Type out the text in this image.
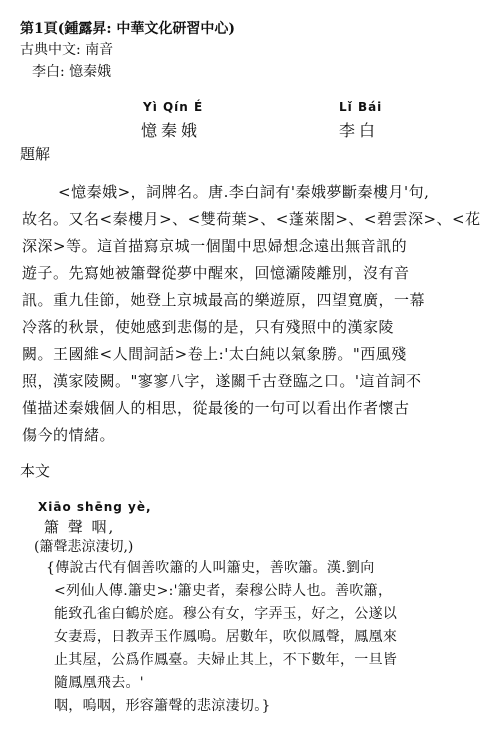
第1頁(鍾露昇: 中華文化研習中心)
古典中文: 南音
李白: 憶秦娥
Yì Qín É
憶秦娥
Lǐ Bái
李白
題解
<憶秦娥>，詞牌名。唐.李白詞有'秦娥夢斷秦樓月'句,
故名。又名<秦樓月>、<雙荷葉>、<蓬萊閣>、<碧雲深>、<花
深深>等。這首描寫京城一個閨中思婦想念遠出無音訊的
遊子。先寫她被簫聲從夢中醒來，回憶灞陵離別，沒有音
訊。重九佳節，她登上京城最高的樂遊原，四望寬廣，一幕
冷落的秋景，使她感到悲傷的是，只有殘照中的漢家陵
闕。王國維<人間詞話>卷上:'太白純以氣象勝。"西風殘
照，漢家陵闕。"寥寥八字，遂關千古登臨之口。'這首詞不
僅描述秦娥個人的相思，從最後的一句可以看出作者懷古
傷今的情緒。
本文
Xiāo shēng yè,
簫 聲 咽,
(簫聲悲涼淒切,)
{傳說古代有個善吹簫的人叫簫史，善吹簫。漢.劉向
<列仙人傳.簫史>:'簫史者，秦穆公時人也。善吹簫，
能致孔雀白鶴於庭。穆公有女，字弄玉，好之，公遂以
女妻焉，日教弄玉作鳳鳴。居數年，吹似鳳聲，鳳凰來
止其屋，公爲作鳳臺。夫婦止其上，不下數年，一旦皆
隨鳳凰飛去。'
咽，嗚咽，形容簫聲的悲涼淒切。}
